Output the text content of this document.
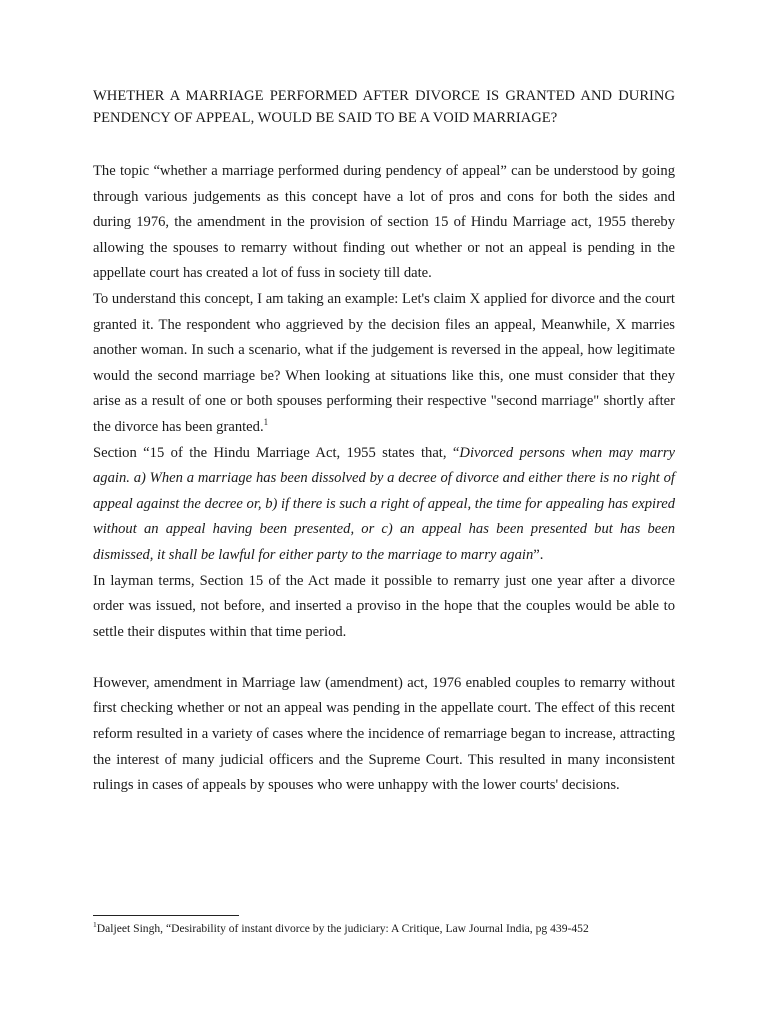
WHETHER A MARRIAGE PERFORMED AFTER DIVORCE IS GRANTED AND DURING PENDENCY OF APPEAL, WOULD BE SAID TO BE A VOID MARRIAGE?

The topic “whether a marriage performed during pendency of appeal” can be understood by going through various judgements as this concept have a lot of pros and cons for both the sides and during 1976, the amendment in the provision of section 15 of Hindu Marriage act, 1955 thereby allowing the spouses to remarry without finding out whether or not an appeal is pending in the appellate court has created a lot of fuss in society till date.

To understand this concept, I am taking an example: Let's claim X applied for divorce and the court granted it. The respondent who aggrieved by the decision files an appeal, Meanwhile, X marries another woman. In such a scenario, what if the judgement is reversed in the appeal, how legitimate would the second marriage be? When looking at situations like this, one must consider that they arise as a result of one or both spouses performing their respective "second marriage" shortly after the divorce has been granted.$^1$

Section “15 of the Hindu Marriage Act, 1955 states that, “Divorced persons when may marry again. a) When a marriage has been dissolved by a decree of divorce and either there is no right of appeal against the decree or, b) if there is such a right of appeal, the time for appealing has expired without an appeal having been presented, or c) an appeal has been presented but has been dismissed, it shall be lawful for either party to the marriage to marry again”.

In layman terms, Section 15 of the Act made it possible to remarry just one year after a divorce order was issued, not before, and inserted a proviso in the hope that the couples would be able to settle their disputes within that time period.

However, amendment in Marriage law (amendment) act, 1976 enabled couples to remarry without first checking whether or not an appeal was pending in the appellate court. The effect of this recent reform resulted in a variety of cases where the incidence of remarriage began to increase, attracting the interest of many judicial officers and the Supreme Court. This resulted in many inconsistent rulings in cases of appeals by spouses who were unhappy with the lower courts' decisions.

$^1$Daljeet Singh, “Desirability of instant divorce by the judiciary: A Critique, Law Journal India, pg 439-452
